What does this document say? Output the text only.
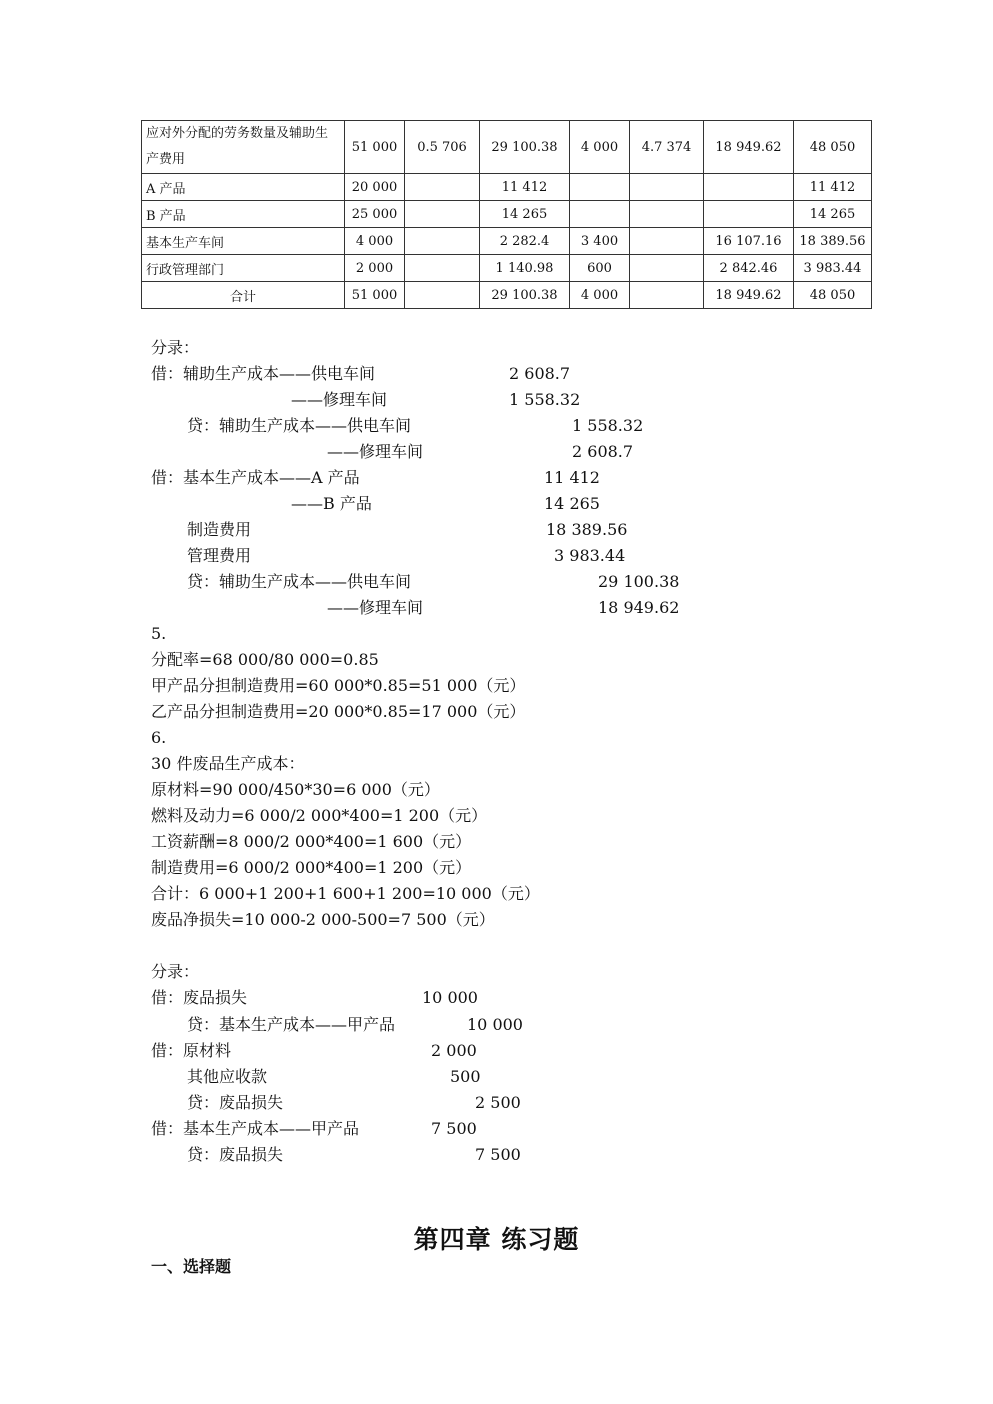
应对外分配的劳务数量及辅助生产费用	51 000	0.5 706	29 100.38	4 000	4.7 374	18 949.62	48 050
A 产品	20 000		11 412				11 412
B 产品	25 000		14 265				14 265
基本生产车间	4 000		2 282.4	3 400		16 107.16	18 389.56
行政管理部门	2 000		1 140.98	600		2 842.46	3 983.44
合计	51 000		29 100.38	4 000		18 949.62	48 050

分录：

借：辅助生产成本——供电车间	2 608.7

——修理车间	1 558.32

贷：辅助生产成本——供电车间	1 558.32

——修理车间	2 608.7

借：基本生产成本——A 产品	11 412

——B 产品	14 265

制造费用	18 389.56

管理费用	3 983.44

贷：辅助生产成本——供电车间	29 100.38

——修理车间	18 949.62

5.

分配率=68 000/80 000=0.85

甲产品分担制造费用=60 000*0.85=51 000（元）

乙产品分担制造费用=20 000*0.85=17 000（元）

6.

30 件废品生产成本：

原材料=90 000/450*30=6 000（元）

燃料及动力=6 000/2 000*400=1 200（元）

工资薪酬=8 000/2 000*400=1 600（元）

制造费用=6 000/2 000*400=1 200（元）

合计：6 000+1 200+1 600+1 200=10 000（元）

废品净损失=10 000-2 000-500=7 500（元）

分录：

借：废品损失	10 000

贷：基本生产成本——甲产品	10 000

借：原材料	2 000

其他应收款	500

贷：废品损失	2 500

借：基本生产成本——甲产品	7 500

贷：废品损失	7 500

第四章 练习题
一、选择题
